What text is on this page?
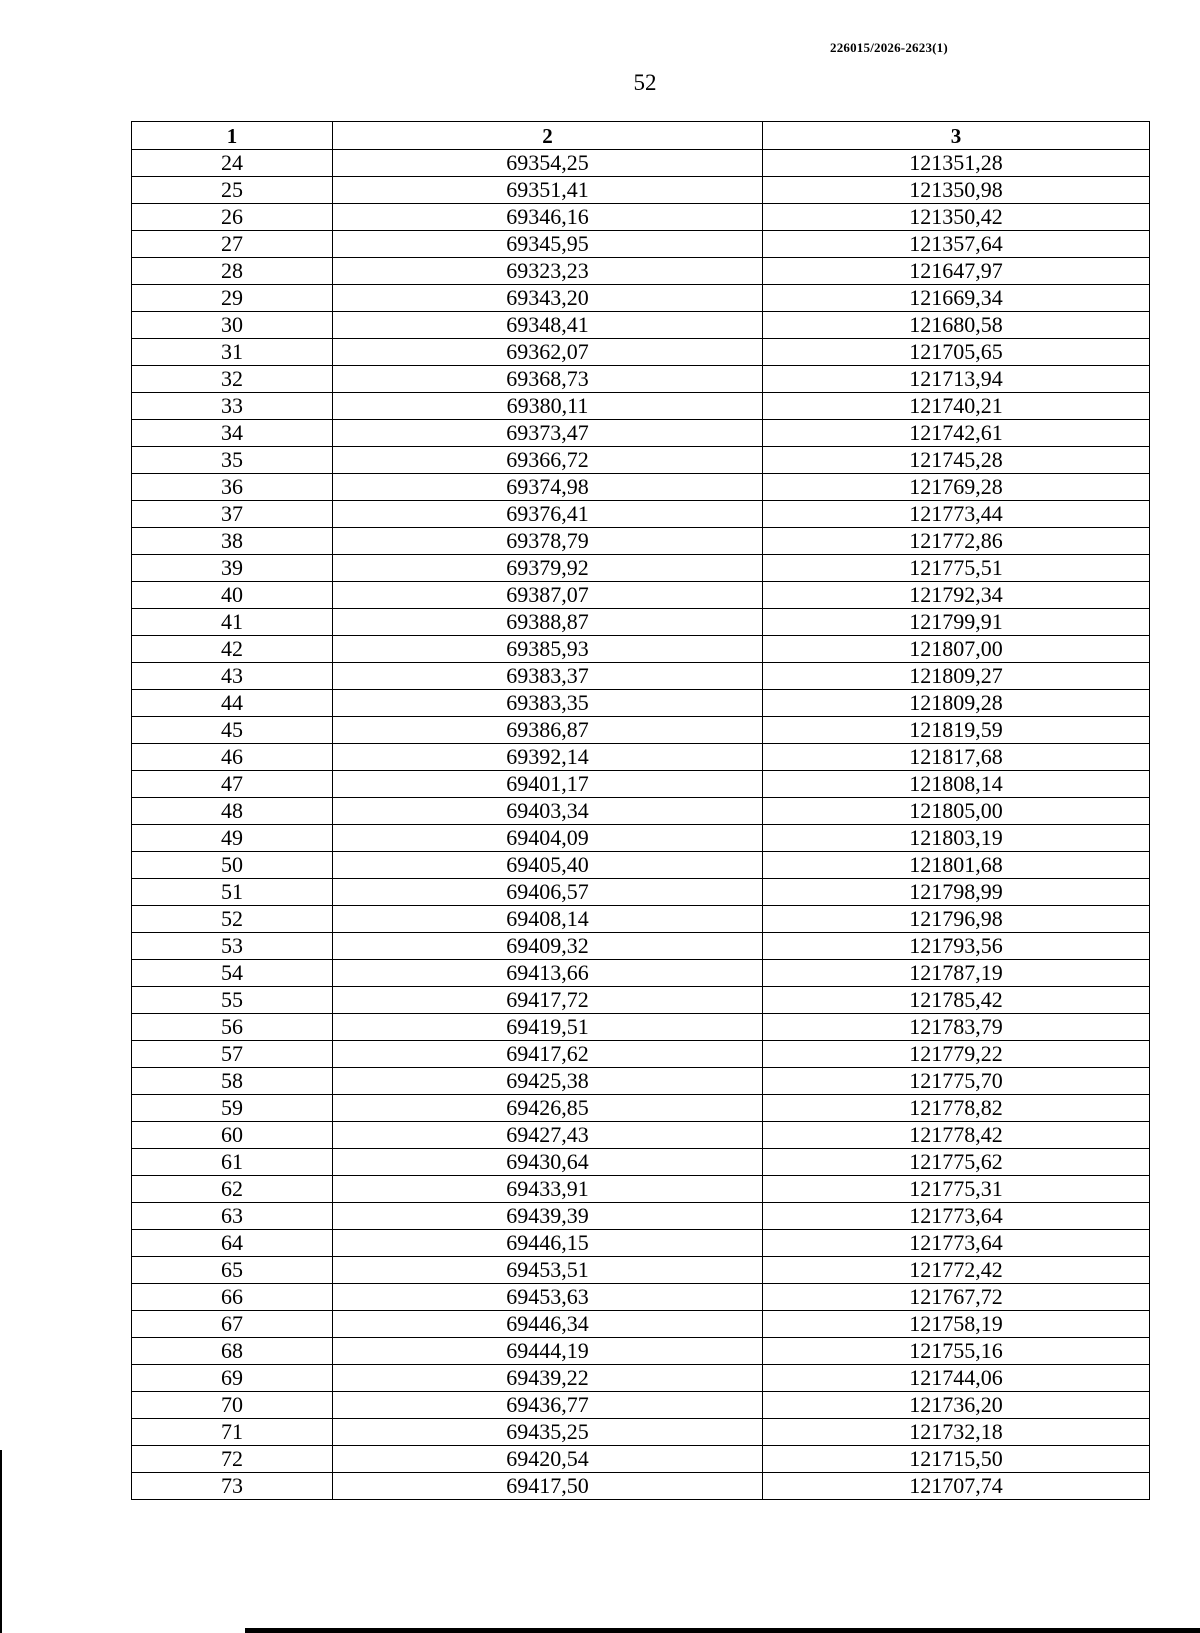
226015/2026-2623(1)
52
1	2	3
24	69354,25	121351,28
25	69351,41	121350,98
26	69346,16	121350,42
27	69345,95	121357,64
28	69323,23	121647,97
29	69343,20	121669,34
30	69348,41	121680,58
31	69362,07	121705,65
32	69368,73	121713,94
33	69380,11	121740,21
34	69373,47	121742,61
35	69366,72	121745,28
36	69374,98	121769,28
37	69376,41	121773,44
38	69378,79	121772,86
39	69379,92	121775,51
40	69387,07	121792,34
41	69388,87	121799,91
42	69385,93	121807,00
43	69383,37	121809,27
44	69383,35	121809,28
45	69386,87	121819,59
46	69392,14	121817,68
47	69401,17	121808,14
48	69403,34	121805,00
49	69404,09	121803,19
50	69405,40	121801,68
51	69406,57	121798,99
52	69408,14	121796,98
53	69409,32	121793,56
54	69413,66	121787,19
55	69417,72	121785,42
56	69419,51	121783,79
57	69417,62	121779,22
58	69425,38	121775,70
59	69426,85	121778,82
60	69427,43	121778,42
61	69430,64	121775,62
62	69433,91	121775,31
63	69439,39	121773,64
64	69446,15	121773,64
65	69453,51	121772,42
66	69453,63	121767,72
67	69446,34	121758,19
68	69444,19	121755,16
69	69439,22	121744,06
70	69436,77	121736,20
71	69435,25	121732,18
72	69420,54	121715,50
73	69417,50	121707,74
